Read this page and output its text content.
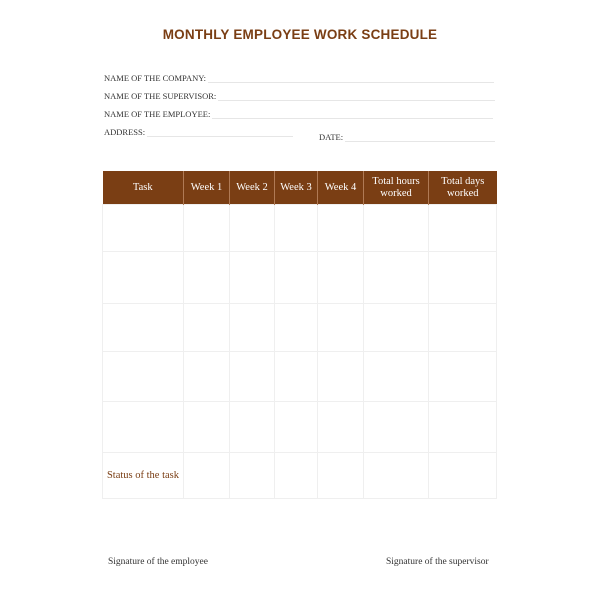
MONTHLY EMPLOYEE WORK SCHEDULE
NAME OF THE COMPANY:
NAME OF THE SUPERVISOR:
NAME OF THE EMPLOYEE:
ADDRESS:	DATE:
Task	Week 1	Week 2	Week 3	Week 4	Total hours worked	Total days worked

Status of the task						
Signature of the employee	Signature of the supervisor
